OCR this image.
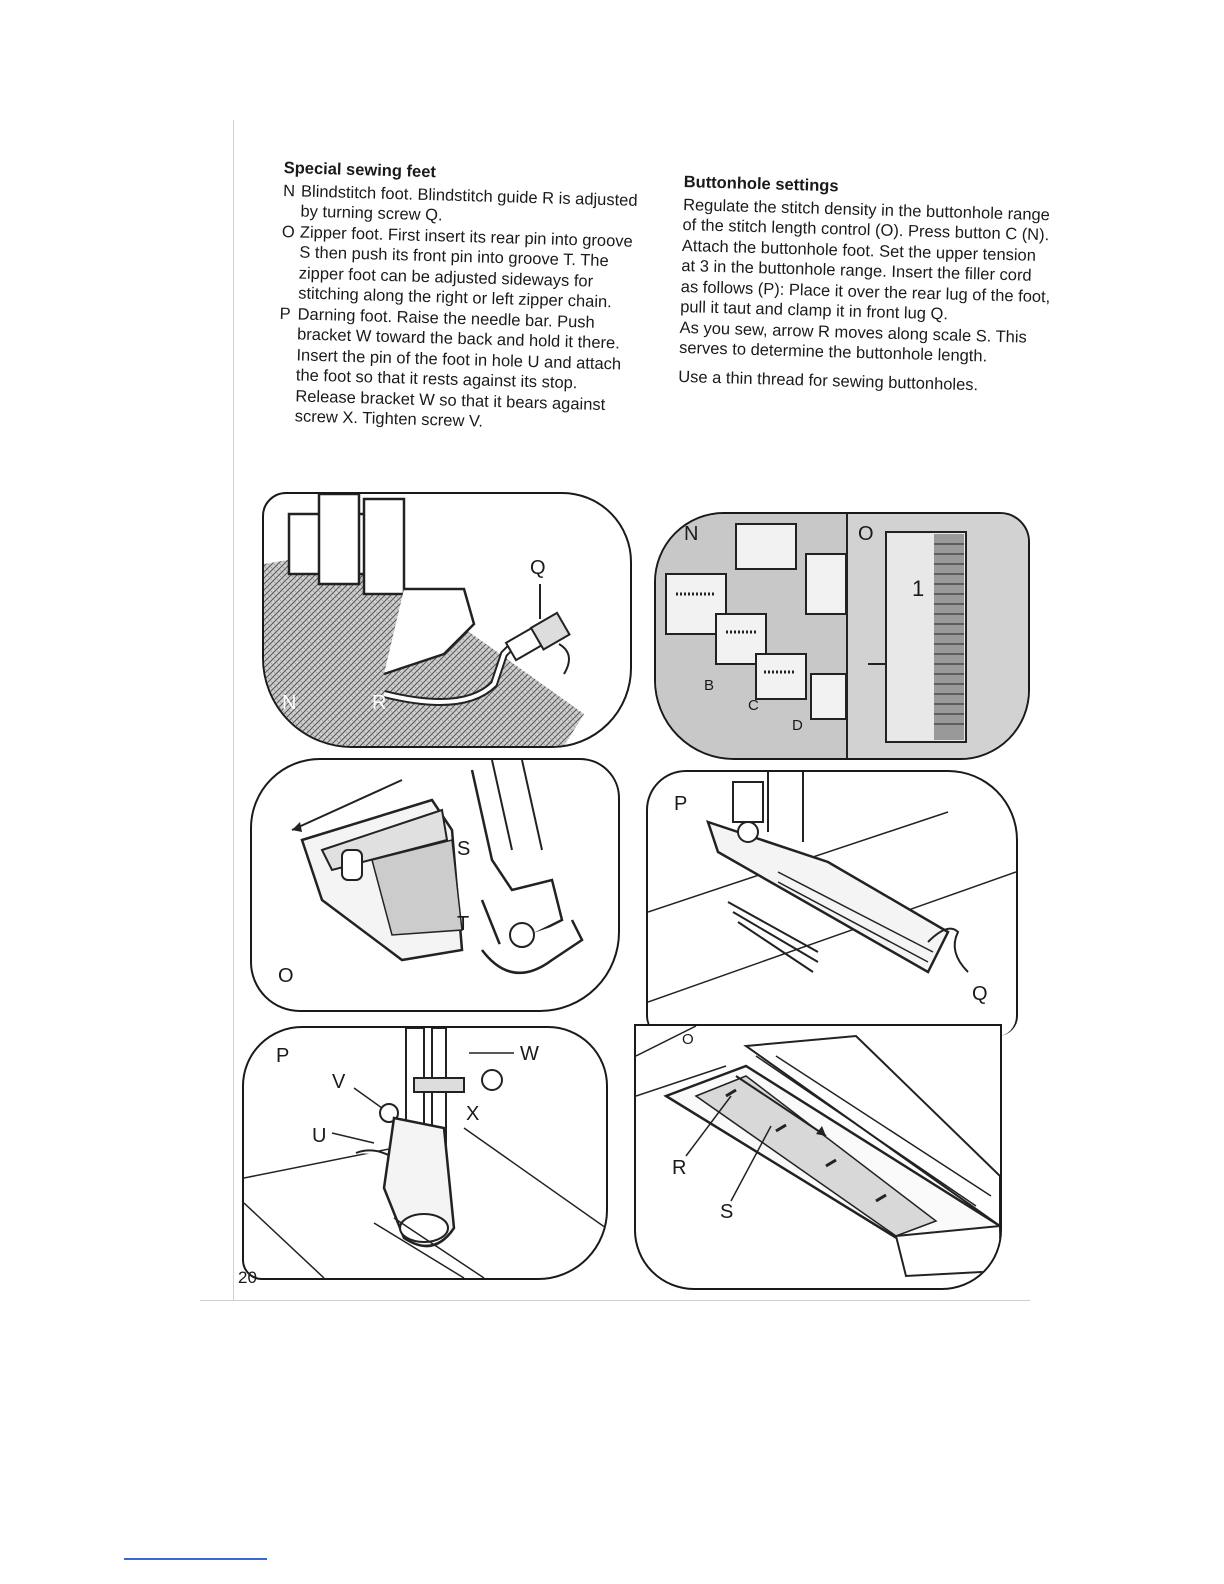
Special sewing feet

N Blindstitch foot. Blindstitch guide R is adjusted by turning screw Q.
O Zipper foot. First insert its rear pin into groove S then push its front pin into groove T. The zipper foot can be adjusted sideways for stitching along the right or left zipper chain.
P Darning foot. Raise the needle bar. Push bracket W toward the back and hold it there. Insert the pin of the foot in hole U and attach the foot so that it rests against its stop. Release bracket W so that it bears against screw X. Tighten screw V.

Buttonhole settings

Regulate the stitch density in the buttonhole range of the stitch length control (O). Press button C (N). Attach the buttonhole foot. Set the upper tension at 3 in the buttonhole range. Insert the filler cord as follows (P): Place it over the rear lug of the foot, pull it taut and clamp it in front lug Q.

As you sew, arrow R moves along scale S. This serves to determine the buttonhole length.

Use a thin thread for sewing buttonholes.

Q
N	R
N	O
1
B
C
D
S
T
O
P
Q
P
V
U
W
X
O
R
S
20
